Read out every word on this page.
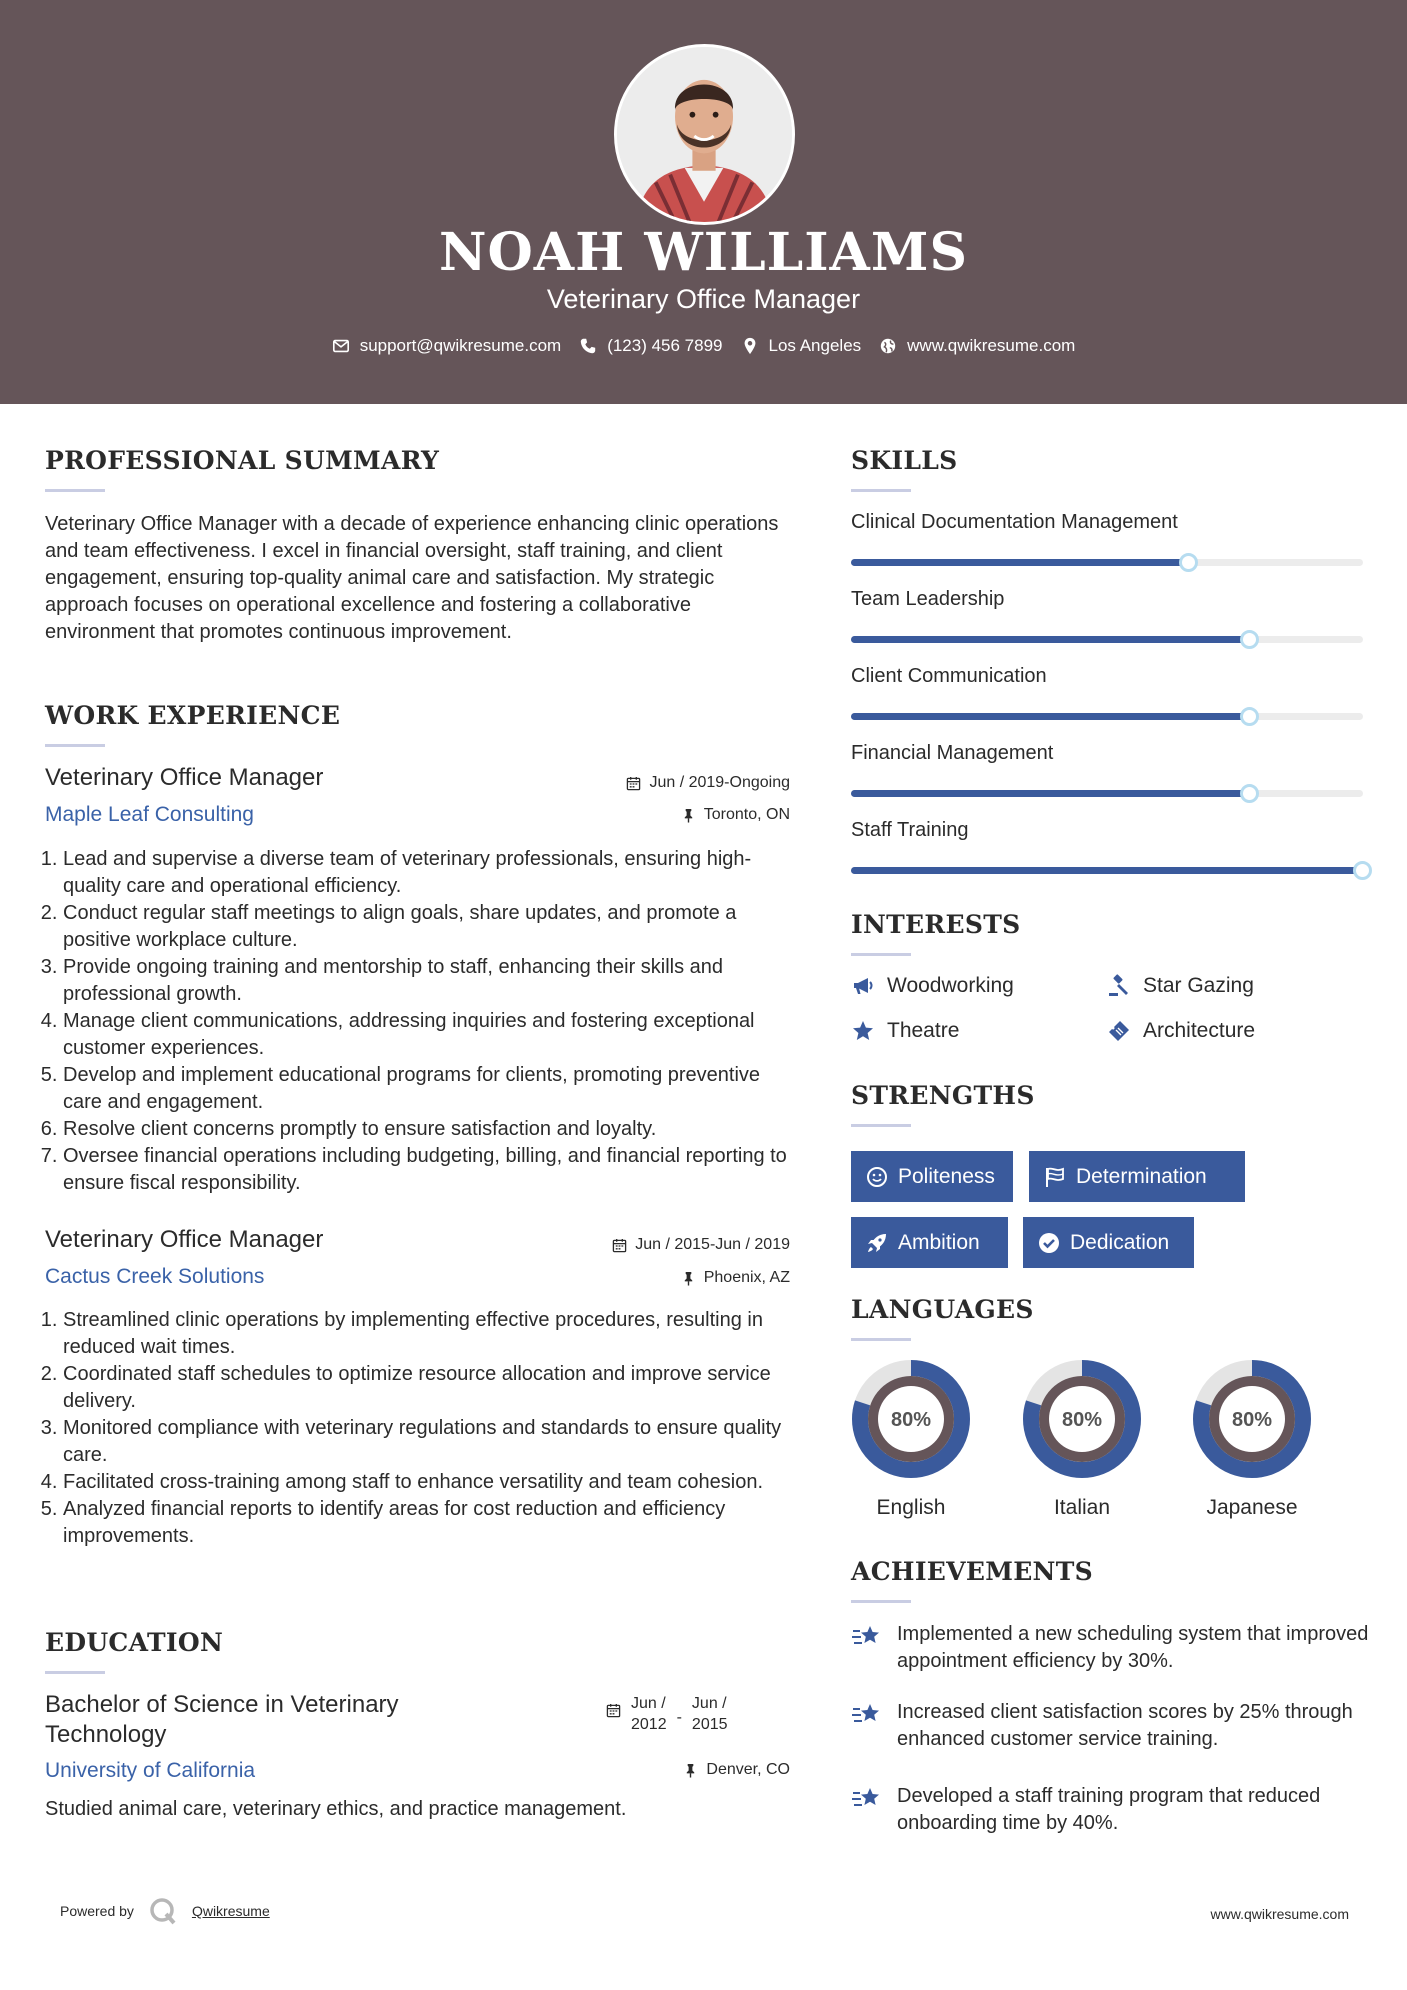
NOAH WILLIAMS
Veterinary Office Manager
support@qwikresume.com	(123) 456 7899	Los Angeles	www.qwikresume.com
PROFESSIONAL SUMMARY
Veterinary Office Manager with a decade of experience enhancing clinic operations and team effectiveness. I excel in financial oversight, staff training, and client engagement, ensuring top-quality animal care and satisfaction. My strategic approach focuses on operational excellence and fostering a collaborative environment that promotes continuous improvement.
WORK EXPERIENCE
Veterinary Office Manager	Jun / 2019-Ongoing
Maple Leaf Consulting	Toronto, ON
1. Lead and supervise a diverse team of veterinary professionals, ensuring high-quality care and operational efficiency.
2. Conduct regular staff meetings to align goals, share updates, and promote a positive workplace culture.
3. Provide ongoing training and mentorship to staff, enhancing their skills and professional growth.
4. Manage client communications, addressing inquiries and fostering exceptional customer experiences.
5. Develop and implement educational programs for clients, promoting preventive care and engagement.
6. Resolve client concerns promptly to ensure satisfaction and loyalty.
7. Oversee financial operations including budgeting, billing, and financial reporting to ensure fiscal responsibility.
Veterinary Office Manager	Jun / 2015-Jun / 2019
Cactus Creek Solutions	Phoenix, AZ
1. Streamlined clinic operations by implementing effective procedures, resulting in reduced wait times.
2. Coordinated staff schedules to optimize resource allocation and improve service delivery.
3. Monitored compliance with veterinary regulations and standards to ensure quality care.
4. Facilitated cross-training among staff to enhance versatility and team cohesion.
5. Analyzed financial reports to identify areas for cost reduction and efficiency improvements.
EDUCATION
Bachelor of Science in Veterinary
Technology
Jun /
2012 -
Jun /
2015
University of California	Denver, CO
Studied animal care, veterinary ethics, and practice management.
SKILLS
Clinical Documentation Management
Team Leadership
Client Communication
Financial Management
Staff Training
INTERESTS
Woodworking	Star Gazing
Theatre	Architecture
STRENGTHS
Politeness	Determination
Ambition	Dedication
LANGUAGES
80%
English
80%
Italian
80%
Japanese
ACHIEVEMENTS
Implemented a new scheduling system that improved appointment efficiency by 30%.
Increased client satisfaction scores by 25% through enhanced customer service training.
Developed a staff training program that reduced onboarding time by 40%.
Powered by	Qwikresume	www.qwikresume.com
